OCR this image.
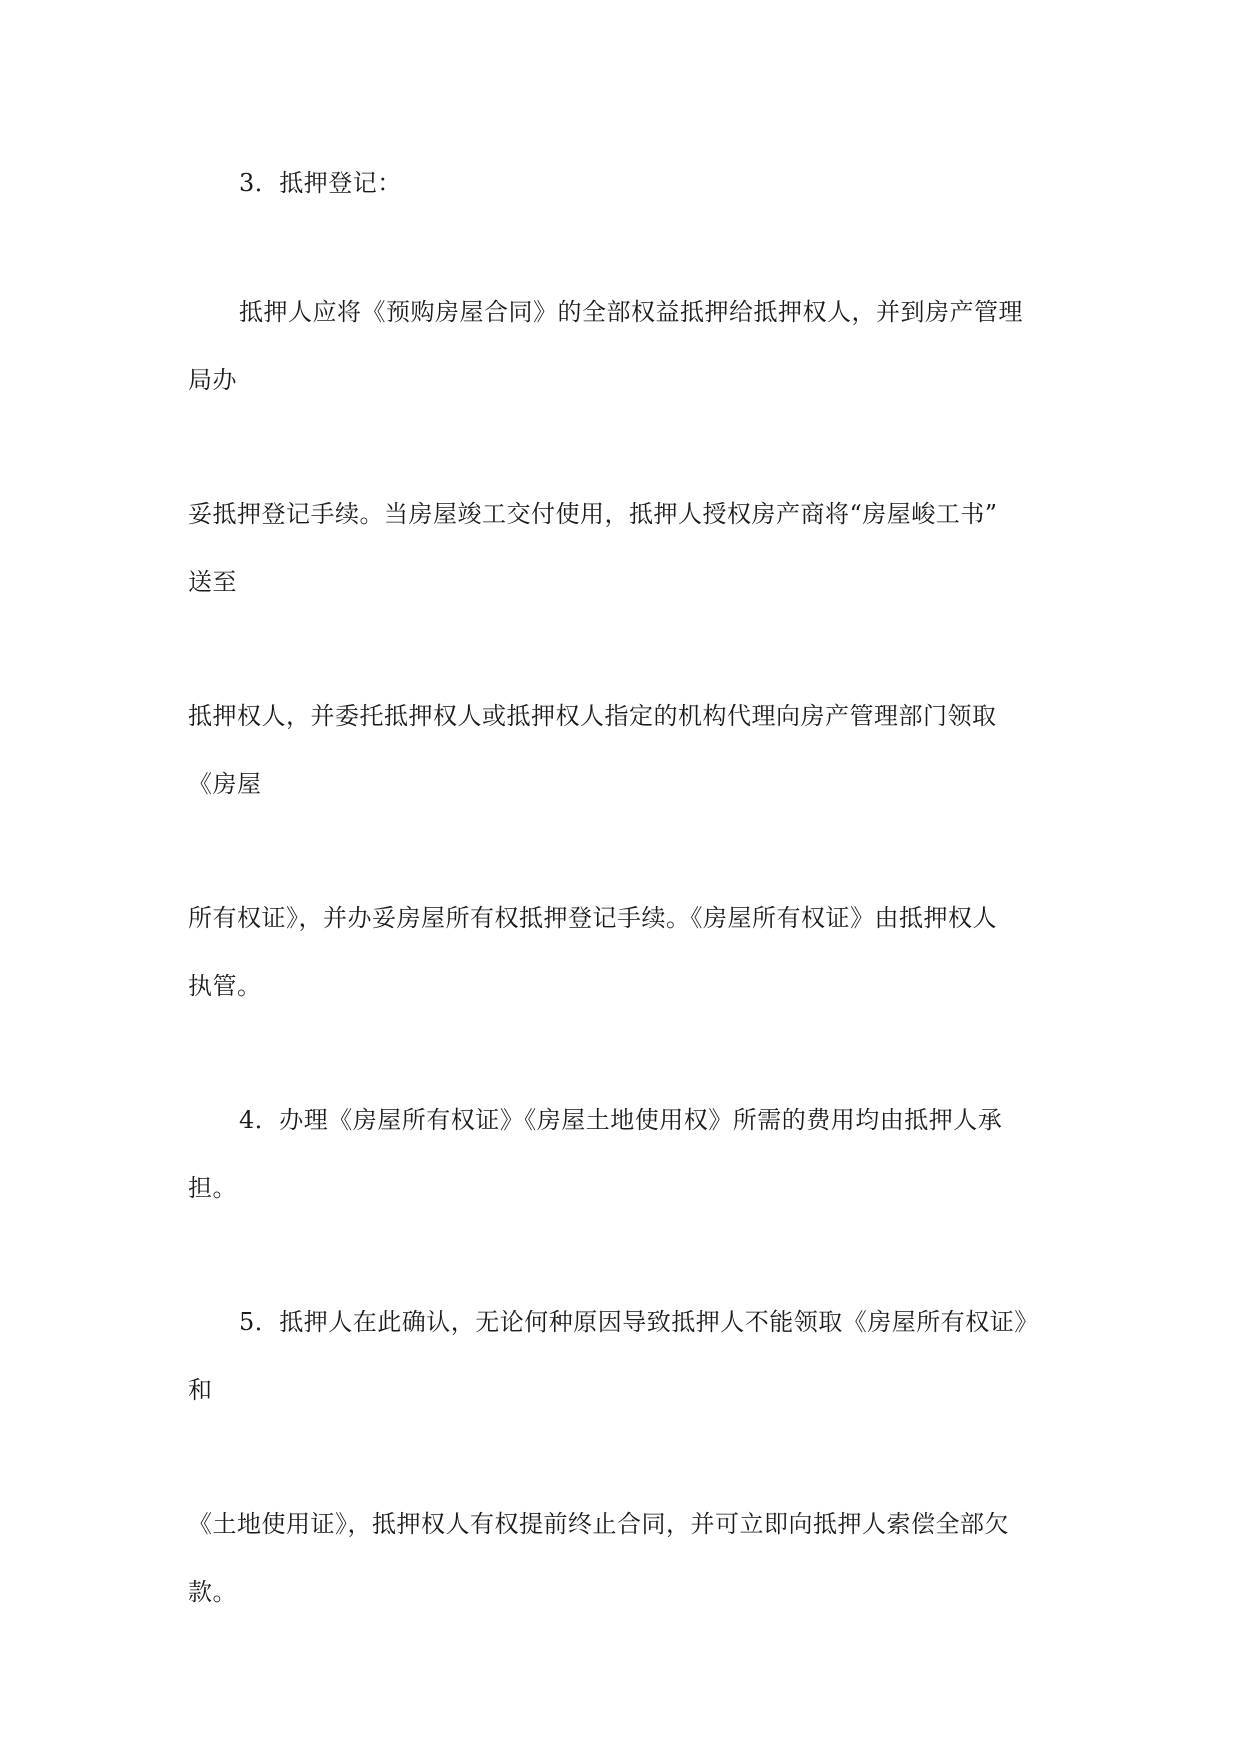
3．抵押登记：

抵押人应将《预购房屋合同》的全部权益抵押给抵押权人，并到房产管理

局办

妥抵押登记手续。当房屋竣工交付使用，抵押人授权房产商将“房屋峻工书”

送至

抵押权人，并委托抵押权人或抵押权人指定的机构代理向房产管理部门领取

《房屋

所有权证》，并办妥房屋所有权抵押登记手续。《房屋所有权证》由抵押权人

执管。

4．办理《房屋所有权证》《房屋土地使用权》所需的费用均由抵押人承

担。

5．抵押人在此确认，无论何种原因导致抵押人不能领取《房屋所有权证》

和

《土地使用证》，抵押权人有权提前终止合同，并可立即向抵押人索偿全部欠

款。
